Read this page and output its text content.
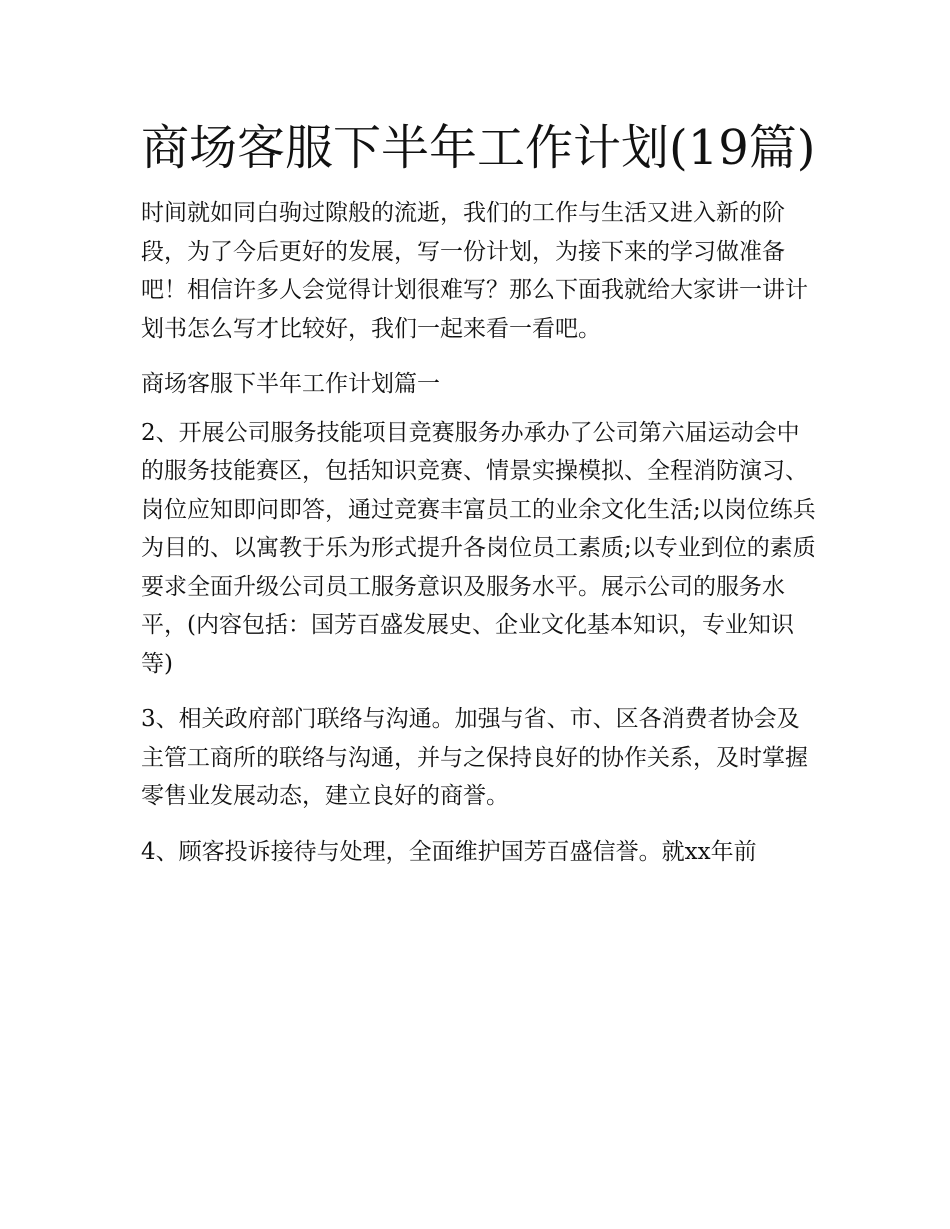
商场客服下半年工作计划(19篇)

时间就如同白驹过隙般的流逝，我们的工作与生活又进入新的阶段，为了今后更好的发展，写一份计划，为接下来的学习做准备吧！相信许多人会觉得计划很难写？那么下面我就给大家讲一讲计划书怎么写才比较好，我们一起来看一看吧。

商场客服下半年工作计划篇一

2、开展公司服务技能项目竞赛服务办承办了公司第六届运动会中的服务技能赛区，包括知识竞赛、情景实操模拟、全程消防演习、岗位应知即问即答，通过竞赛丰富员工的业余文化生活;以岗位练兵为目的、以寓教于乐为形式提升各岗位员工素质;以专业到位的素质要求全面升级公司员工服务意识及服务水平。展示公司的服务水平，(内容包括：国芳百盛发展史、企业文化基本知识，专业知识等)

3、相关政府部门联络与沟通。加强与省、市、区各消费者协会及主管工商所的联络与沟通，并与之保持良好的协作关系，及时掌握零售业发展动态，建立良好的商誉。

4、顾客投诉接待与处理，全面维护国芳百盛信誉。就xx年前
